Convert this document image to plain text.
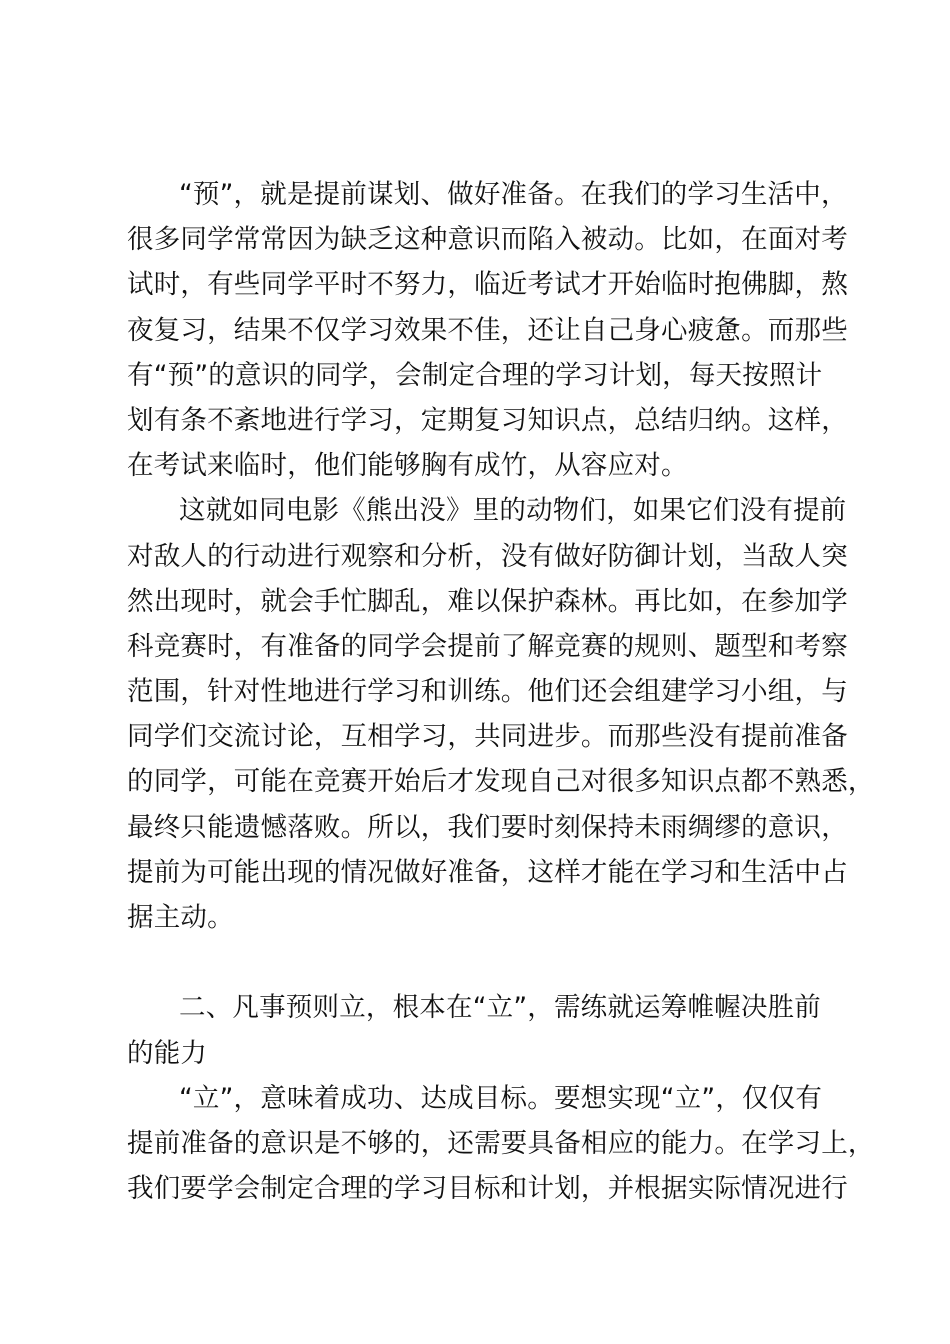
“预”，就是提前谋划、做好准备。在我们的学习生活中，
很多同学常常因为缺乏这种意识而陷入被动。比如，在面对考
试时，有些同学平时不努力，临近考试才开始临时抱佛脚，熬
夜复习，结果不仅学习效果不佳，还让自己身心疲惫。而那些
有“预”的意识的同学，会制定合理的学习计划，每天按照计
划有条不紊地进行学习，定期复习知识点，总结归纳。这样，
在考试来临时，他们能够胸有成竹，从容应对。
这就如同电影《熊出没》里的动物们，如果它们没有提前
对敌人的行动进行观察和分析，没有做好防御计划，当敌人突
然出现时，就会手忙脚乱，难以保护森林。再比如，在参加学
科竞赛时，有准备的同学会提前了解竞赛的规则、题型和考察
范围，针对性地进行学习和训练。他们还会组建学习小组，与
同学们交流讨论，互相学习，共同进步。而那些没有提前准备
的同学，可能在竞赛开始后才发现自己对很多知识点都不熟悉，
最终只能遗憾落败。所以，我们要时刻保持未雨绸缪的意识，
提前为可能出现的情况做好准备，这样才能在学习和生活中占
据主动。
二、凡事预则立，根本在“立”，需练就运筹帷幄决胜前
的能力
“立”，意味着成功、达成目标。要想实现“立”，仅仅有
提前准备的意识是不够的，还需要具备相应的能力。在学习上，
我们要学会制定合理的学习目标和计划，并根据实际情况进行
